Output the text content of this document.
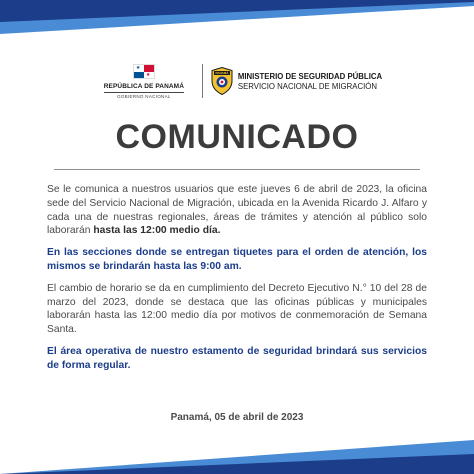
★
★
REPÚBLICA DE PANAMÁ
GOBIERNO NACIONAL
PANAMÁ MINISTERIO DE SEGURIDAD PÚBLICA
SERVICIO NACIONAL DE MIGRACIÓN
COMUNICADO

Se le comunica a nuestros usuarios que este jueves 6 de abril de 2023, la oficina sede del Servicio Nacional de Migración, ubicada en la Avenida Ricardo J. Alfaro y cada una de nuestras regionales, áreas de trámites y atención al público solo laborarán hasta las 12:00 medio día.

En las secciones donde se entregan tiquetes para el orden de atención, los mismos se brindarán hasta las 9:00 am.

El cambio de horario se da en cumplimiento del Decreto Ejecutivo N.° 10 del 28 de marzo del 2023, donde se destaca que las oficinas públicas y municipales laborarán hasta las 12:00 medio día por motivos de conmemoración de Semana Santa.

El área operativa de nuestro estamento de seguridad brindará sus servicios de forma regular.

Panamá, 05 de abril de 2023
